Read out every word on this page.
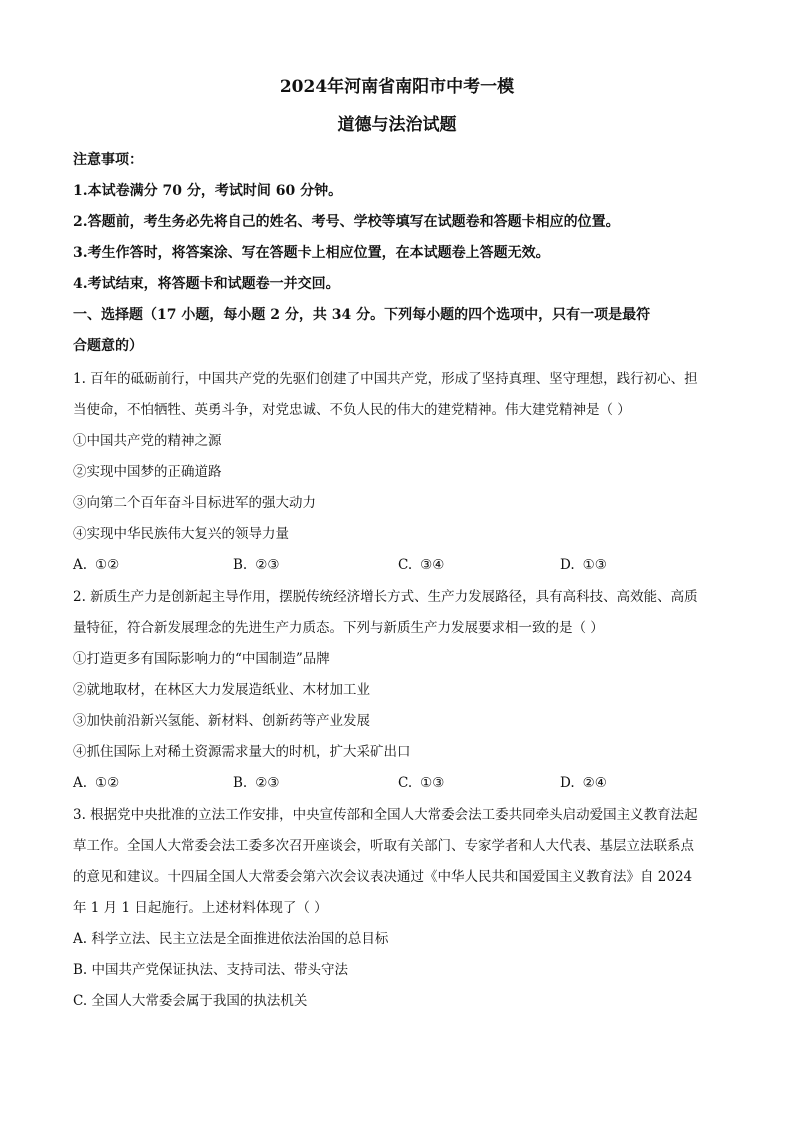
2024年河南省南阳市中考一模
道德与法治试题
注意事项：
1.本试卷满分 70 分，考试时间 60 分钟。
2.答题前，考生务必先将自己的姓名、考号、学校等填写在试题卷和答题卡相应的位置。
3.考生作答时，将答案涂、写在答题卡上相应位置，在本试题卷上答题无效。
4.考试结束，将答题卡和试题卷一并交回。
一、选择题（17 小题，每小题 2 分，共 34 分。下列每小题的四个选项中，只有一项是最符
合题意的）
1. 百年的砥砺前行，中国共产党的先驱们创建了中国共产党，形成了坚持真理、坚守理想，践行初心、担
当使命，不怕牺牲、英勇斗争，对党忠诚、不负人民的伟大的建党精神。伟大建党精神是（ ）
①中国共产党的精神之源
②实现中国梦的正确道路
③向第二个百年奋斗目标进军的强大动力
④实现中华民族伟大复兴的领导力量
A. ①②	B. ②③	C. ③④	D. ①③
2. 新质生产力是创新起主导作用，摆脱传统经济增长方式、生产力发展路径，具有高科技、高效能、高质
量特征，符合新发展理念的先进生产力质态。下列与新质生产力发展要求相一致的是（ ）
①打造更多有国际影响力的“中国制造”品牌
②就地取材，在林区大力发展造纸业、木材加工业
③加快前沿新兴氢能、新材料、创新药等产业发展
④抓住国际上对稀土资源需求量大的时机，扩大采矿出口
A. ①②	B. ②③	C. ①③	D. ②④
3. 根据党中央批准的立法工作安排，中央宣传部和全国人大常委会法工委共同牵头启动爱国主义教育法起
草工作。全国人大常委会法工委多次召开座谈会，听取有关部门、专家学者和人大代表、基层立法联系点
的意见和建议。十四届全国人大常委会第六次会议表决通过《中华人民共和国爱国主义教育法》自 2024
年 1 月 1 日起施行。上述材料体现了（ ）
A. 科学立法、民主立法是全面推进依法治国的总目标
B. 中国共产党保证执法、支持司法、带头守法
C. 全国人大常委会属于我国的执法机关
